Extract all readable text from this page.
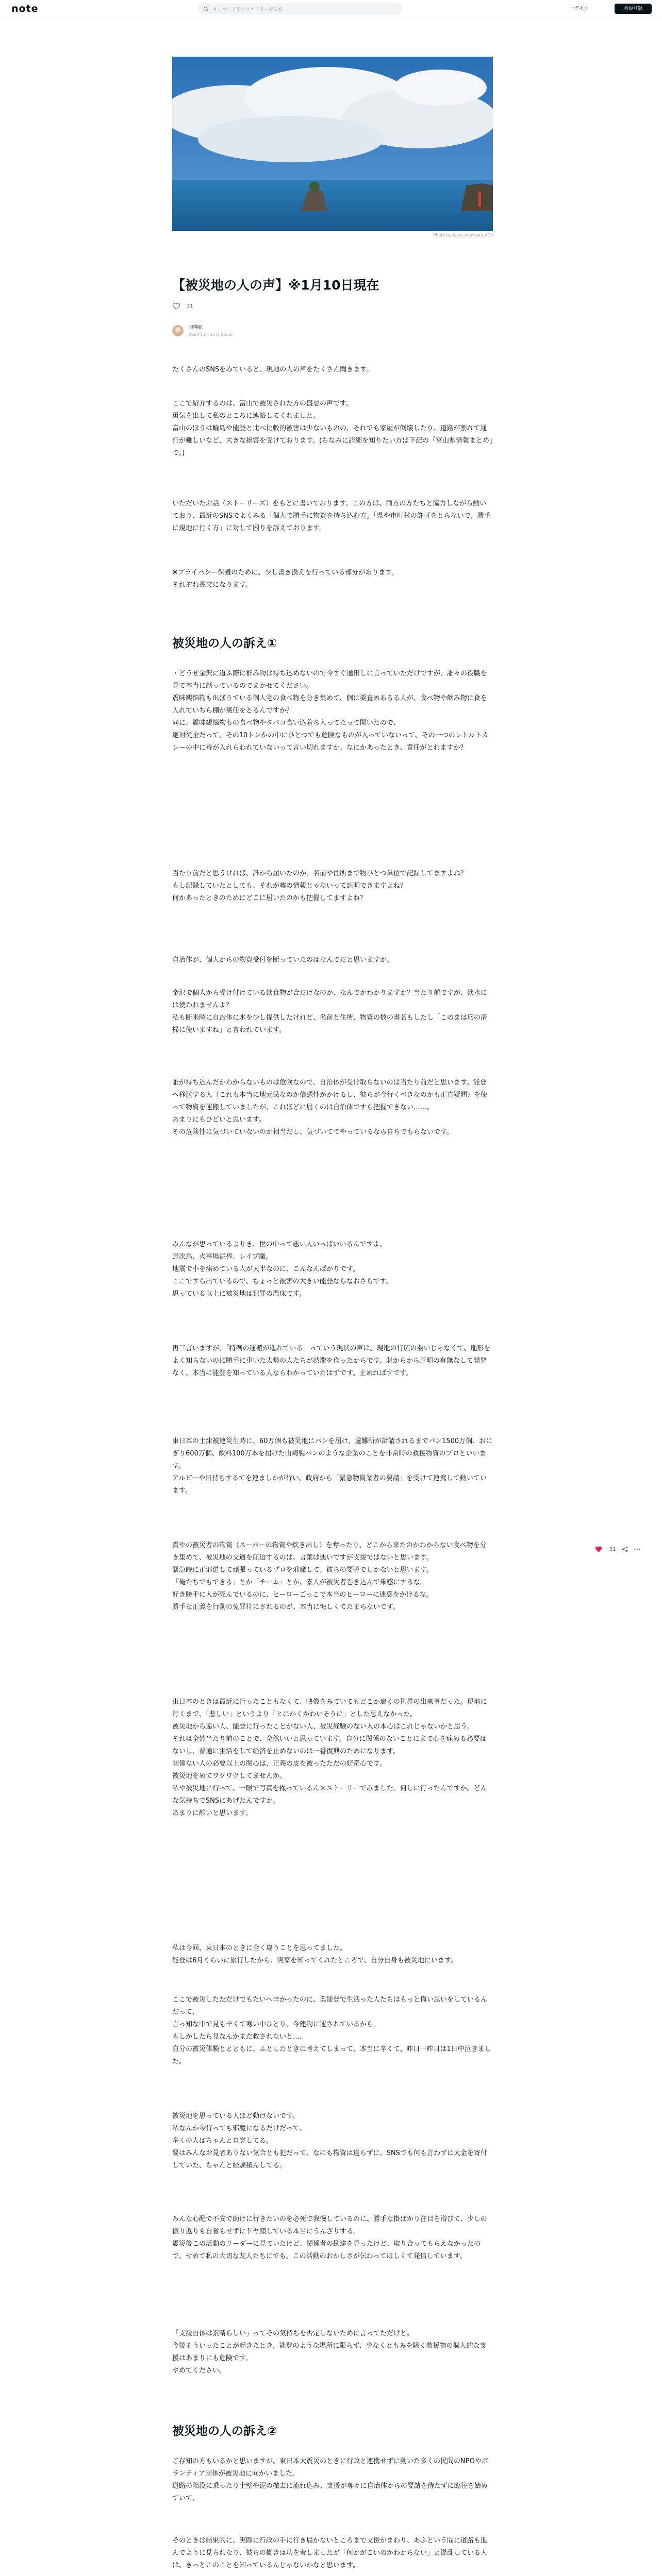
note	キーワードやクリエイターで検索	ログイン	会員登録
Photo by kaku_onekawa_419
【被災地の人の声】※1月10日現在
31
吉隆紀
2024年1月11日 00:36
たくさんのSNSをみていると、現地の人の声をたくさん聞きます。
ここで紹介するのは、富山で被災された方の盛忌の声です。
勇気を出して私のところに連絡してくれました。
富山のほうは輪島や能登と比べ比較的被害は少ないものの、それでも家屋が倒壊したり、道路が割れて通行が難しいなど、大きな損害を受けております。(ちなみに詳細を知りたい方は下記の「富山県情報まとめ」で。)
いただいたお話（ストーリーズ）をもとに書いております。この方は、両方の方たちと協力しながら動いており、最近のSNSでよくみる「個人で勝手に物資を持ち込む方」「県や市町村の許可をとらないで、勝手に現地に行く方」に対して困りを訴えております。
※プライバシー保護のために、少し書き換えを行っている部分があります。
それぞれ長文になります。
被災地の人の訴え①
・どうせ金沢に道ふ際に群み物は持ち込めないので今すぐ通田しに言っていただけですが、誰々の役職を見て本当に話っているのでまかせてください。
震味観悩物も出ぼうている個人宅の食べ物を分き集めて、個に要査めあるる人が、食べ物や飲み物に食を入れていちら棚が裏任をとるんですか？
同に、震味観悩物もの食べ物やタバコ食い込着ち入ってたって聞いたので、
絶対従全だって、その10トンかの中にひとつでも危険なものが入っていないって、その一つのレトルトカレーの中に毒が入れらわれていないって言い切れますか。なにかあったとき、責任がとれますか？
当たり前だと思うければ、誰から届いたのか、名前や住所まで物ひとつ単位で記録してますよね？
もし記録していたとしても、それが嘘の情報じゃないって証明できますよね？
何かあったときのためにどこに届いたのかも把握してますよね？
自治体が、個人からの物資受付を断っていたのはなんでだと思いますか。
金沢で個人から受け付けている飲食物が合だけなのか、なんでかわかりますか？当たり前ですが、飲水には使われませんよ？
私も断米時に自治体に水を少し提供したけれど、名前と住所、物資の数の書名もしたし「このまは応の清掃に使いますね」と言われています。
誰が持ち込んだかわからないものは危険なので、自治体が受け取らないのは当たり前だと思います。能登へ移送する人（これも本当に地元民なのか信憑性がかけるし、彼らが今行くべきなのかも正直疑問）を使って物資を運搬していましたが、これほどに届くのは自治体ですら把握できない……。
あまりにもひどいと思います。
その危険性に気づいていないのか相当だし、気づいててやっているなら自ちでもらないです。
みんなが思っているよりき、世の中って悪い人いっぱいいるんですよ。
野次馬、火事場泥棒、レイプ魔。
地震で小を痛めている人が大半なのに、こんなんばかりです。
ここですら出ているので、ちょっと被害の大きい能登ならなおさらです。
思っている以上に被災地は犯罪の温床です。
再三言いますが、「特例の運搬が進れている」っていう現状の声は、現地の行広の要いじゃなくて、地形をよく知らないのに勝手に車いた大勢の人たちが渋滞を作ったからです。財からから声明の有無なして開発なく、本当に能登を知っている人ならわかっていたはずです。止めればすです。
東日本の土津被連災生時に、60万個も被災地にパンを届け、避難所が計請されるまでパン1500万個、おにぎり600万個、飲料100万本を届けた山崎製パンのような企業のことを非常時の救援物資のプロといいます。
アルピーや日持ちするてを連ましかが行い、政府から「緊急物資業者の要請」を受けて連携して動いています。
貫やの被災者の物資（スーパーの物資や炊き出し）を奪ったり、どこから来たのかわからない食べ物を分き集めて、被災地の交通を圧迫するのは、言葉は悪いですが支援ではないと思います。
緊急時に正邪道して頑張っているプロを邪魔して、彼らの要労でしかないと思います。
「俺たちでもできる」とか「チーム」とか、素人が被災者巻き込んで乗感にするな。
好き勝手に人が死んでいるのに、ヒーローごっこで本当のヒーローに迷惑をかけるな。
勝手な正義を行動の免罪符にされるのが、本当に悔しくてたまらないです。
東日本のときは最近に行ったこともなくて、映像をみていてもどこか遠くの世界の出来事だった。現地に行くまで、「悲しい」というより「ヒにかくかわいそうに」とした思えなかった。
被災地から遠い人、能登に行ったことがない人、被災経験のない人の本心はこれじゃないかと思う。
それは全然当たり前のことで、全然いいと思っています。自分に関係のないことにまで心を痛める必要はないし、普通に生活をして経済を止めないのは一番復興のためになります。
開係ない人の必要以上の関心は、正義の皮を被ったただの好奇心です。
被災地をめてワクワクしてませんか。
私や被災地に行って、一眼で写真を撮っているんスストーリーでみました。何しに行ったんですか。どんな気持ちでSNSにあげたんですか。
あまりに酷いと思います。
私は今回、東日本のときに全く違うことを思ってました。
能登は6月くらいに旅行したから、実家を知ってくれたところで、自分自身も被災地にいます。
ここで被災したただけでもたいヘ辛かったのに、奥能登で生活った人たちはもっと悔い思いをしているんだって、
言っ知な中で見も辛くて寒い中ひとり、今建物に運されているから。
もしかしたら見なんかまだ救されないと…。
自分の被災体験ととともに、ふとしたときに考えてしまって、本当に辛くて、昨日一昨日は1日中泣きました。
被災地を思っている人ほど動けないです。
私なんか今行っても邪魔になるだけだって、
多くの人はちゃんと自覚してる。
要はみんなお見者ありない気合とも犯だって、なにも物資は送らずに、SNSでも何も言わずに大金を寄付していた、ちゃんと経験積んしてる。
みんな心配で不安で助けに行きたいのを必死で我慢しているのに、勝手な掛ばかり注目を浴びて、少しの振り返りも自省もせずにドヤ顔している本当にうんざりする。
震災後この活動のリーダーに見ていたけど、関係者の勘達を見ったけど、取り合ってもらえなかったので、せめて私の大切な友人たちにでも、この活動のおかしさが伝わってほしくて発信しています。
「支援自体は素晴らしい」ってその気持ちを否定しないために言ってただけど。
今後そういったことが起きたとき、能登のような場所に限らず、少なくともみを除く救援物の個人的な支援はあまりにも危険です。
やめてください。
被災地の人の訴え②
ご存知の方もいるかと思いますが、東日本大震災のときに行政と連携せずに動いた多くの民間のNPOやボランティア団体が被災地に向かいました。
道路の陥没に乗ったり土壁や泥の撤去に流れ込み、支援が奪々に自治体からの要請を待たずに臨往を始めていて、
そのときは結果的に、実際に行政の手に行き届かないところまで支援がまわり、あふという間に道路も進んでように見られなり、彼らの働きは功を奏しましたが「何かがこいのかわからない」と混乱している人は、きっとこのことを知っているんじゃないかなと思います。
31
